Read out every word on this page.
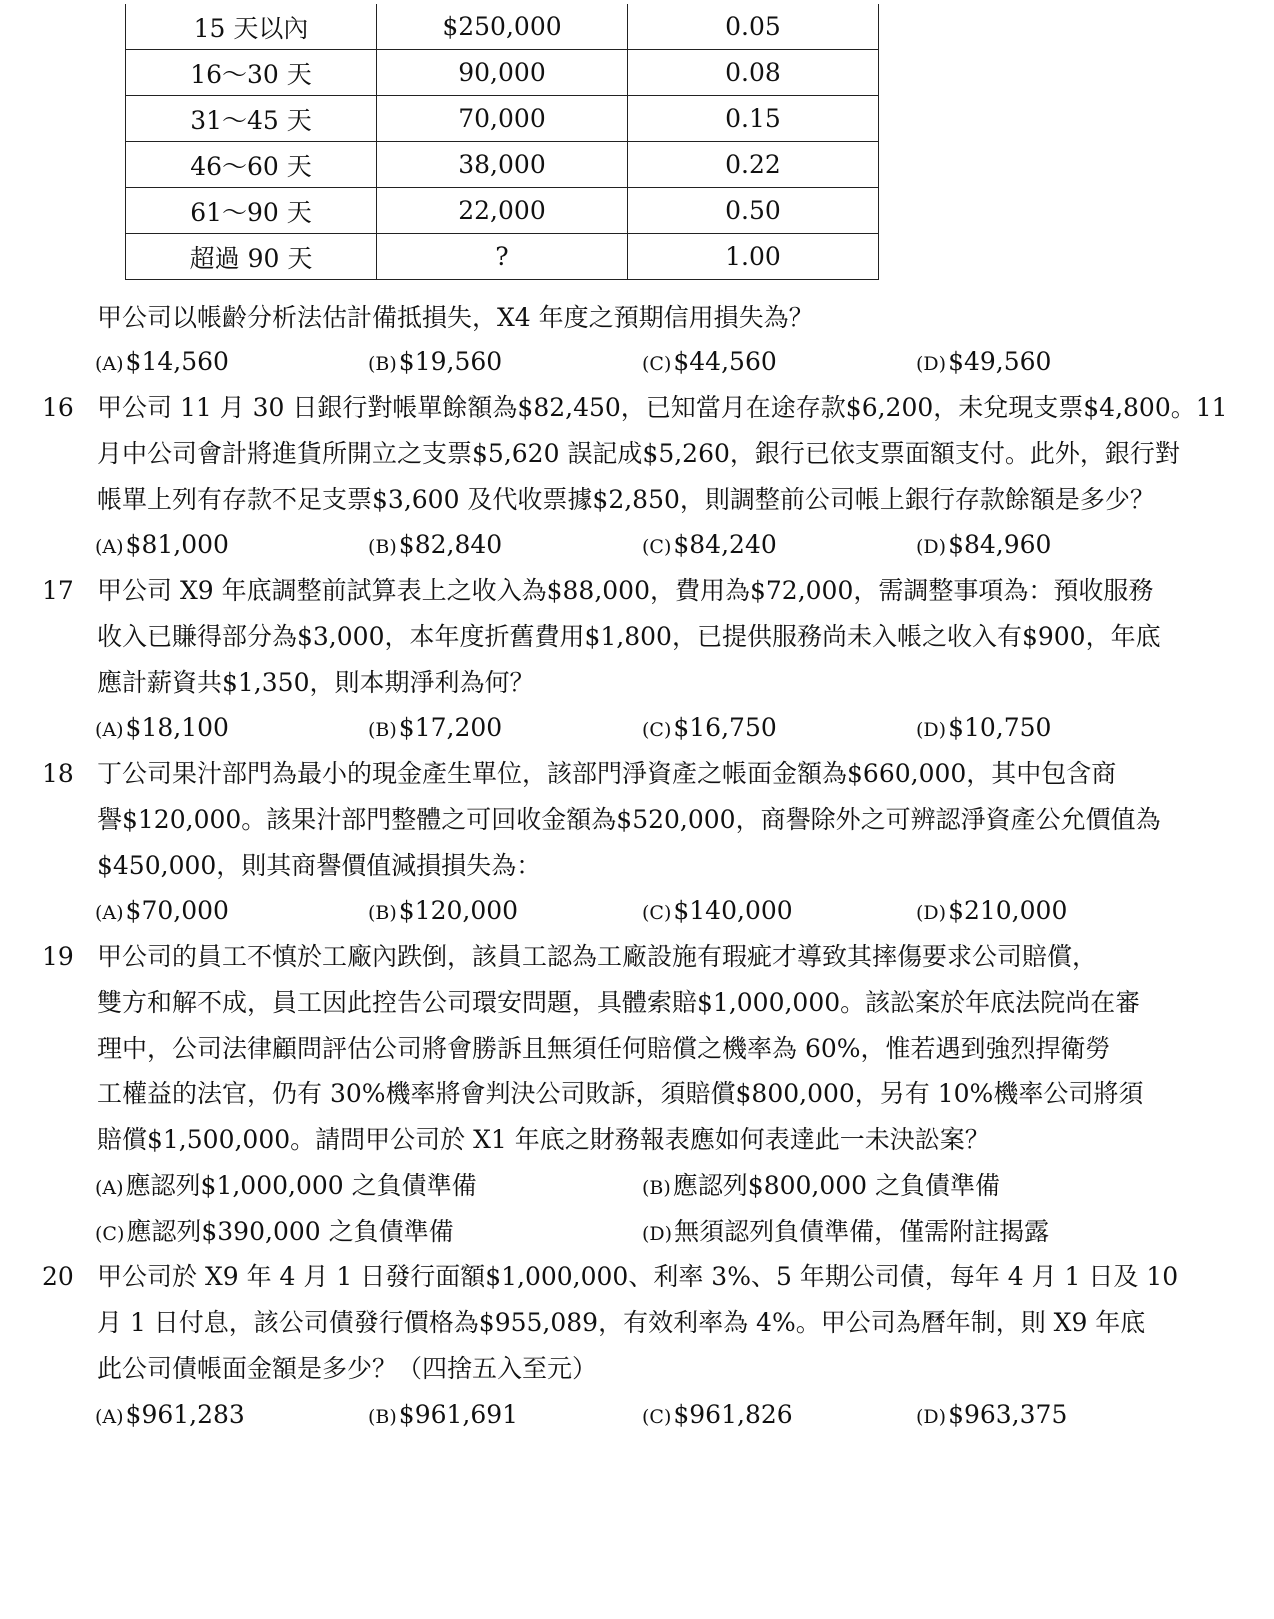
15 天以內	$250,000	0.05
16～30 天	90,000	0.08
31～45 天	70,000	0.15
46～60 天	38,000	0.22
61～90 天	22,000	0.50
超過 90 天	?	1.00
甲公司以帳齡分析法估計備抵損失，X4 年度之預期信用損失為？
(A)$14,560	(B)$19,560	(C)$44,560	(D)$49,560
16 甲公司 11 月 30 日銀行對帳單餘額為$82,450，已知當月在途存款$6,200，未兌現支票$4,800。11
月中公司會計將進貨所開立之支票$5,620 誤記成$5,260，銀行已依支票面額支付。此外，銀行對
帳單上列有存款不足支票$3,600 及代收票據$2,850，則調整前公司帳上銀行存款餘額是多少？
(A)$81,000	(B)$82,840	(C)$84,240	(D)$84,960
17 甲公司 X9 年底調整前試算表上之收入為$88,000，費用為$72,000，需調整事項為：預收服務
收入已賺得部分為$3,000，本年度折舊費用$1,800，已提供服務尚未入帳之收入有$900，年底
應計薪資共$1,350，則本期淨利為何？
(A)$18,100	(B)$17,200	(C)$16,750	(D)$10,750
18 丁公司果汁部門為最小的現金產生單位，該部門淨資產之帳面金額為$660,000，其中包含商
譽$120,000。該果汁部門整體之可回收金額為$520,000，商譽除外之可辨認淨資產公允價值為
$450,000，則其商譽價值減損損失為：
(A)$70,000	(B)$120,000	(C)$140,000	(D)$210,000
19 甲公司的員工不慎於工廠內跌倒，該員工認為工廠設施有瑕疵才導致其摔傷要求公司賠償，
雙方和解不成，員工因此控告公司環安問題，具體索賠$1,000,000。該訟案於年底法院尚在審
理中，公司法律顧問評估公司將會勝訴且無須任何賠償之機率為 60%，惟若遇到強烈捍衛勞
工權益的法官，仍有 30%機率將會判決公司敗訴，須賠償$800,000，另有 10%機率公司將須
賠償$1,500,000。請問甲公司於 X1 年底之財務報表應如何表達此一未決訟案？
(A)應認列$1,000,000 之負債準備	(B)應認列$800,000 之負債準備
(C)應認列$390,000 之負債準備	(D)無須認列負債準備，僅需附註揭露
20 甲公司於 X9 年 4 月 1 日發行面額$1,000,000、利率 3%、5 年期公司債，每年 4 月 1 日及 10
月 1 日付息，該公司債發行價格為$955,089，有效利率為 4%。甲公司為曆年制，則 X9 年底
此公司債帳面金額是多少？（四捨五入至元）
(A)$961,283	(B)$961,691	(C)$961,826	(D)$963,375
